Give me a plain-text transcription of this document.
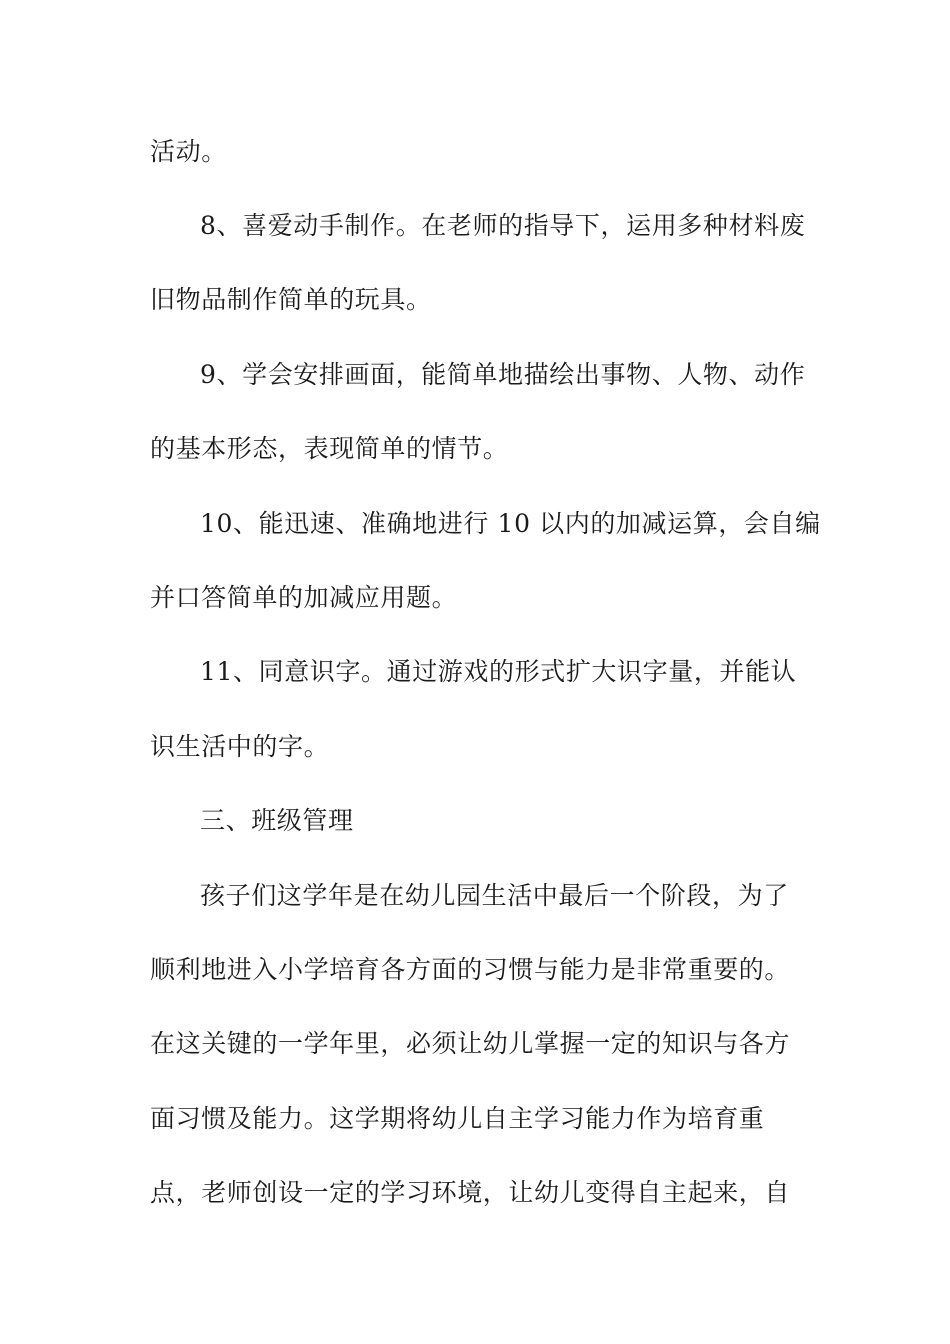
活动。
8、喜爱动手制作。在老师的指导下，运用多种材料废
旧物品制作简单的玩具。
9、学会安排画面，能简单地描绘出事物、人物、动作
的基本形态，表现简单的情节。
10、能迅速、准确地进行 10 以内的加减运算，会自编
并口答简单的加减应用题。
11、同意识字。通过游戏的形式扩大识字量，并能认
识生活中的字。
三、班级管理
孩子们这学年是在幼儿园生活中最后一个阶段，为了
顺利地进入小学培育各方面的习惯与能力是非常重要的。
在这关键的一学年里，必须让幼儿掌握一定的知识与各方
面习惯及能力。这学期将幼儿自主学习能力作为培育重
点，老师创设一定的学习环境，让幼儿变得自主起来，自
